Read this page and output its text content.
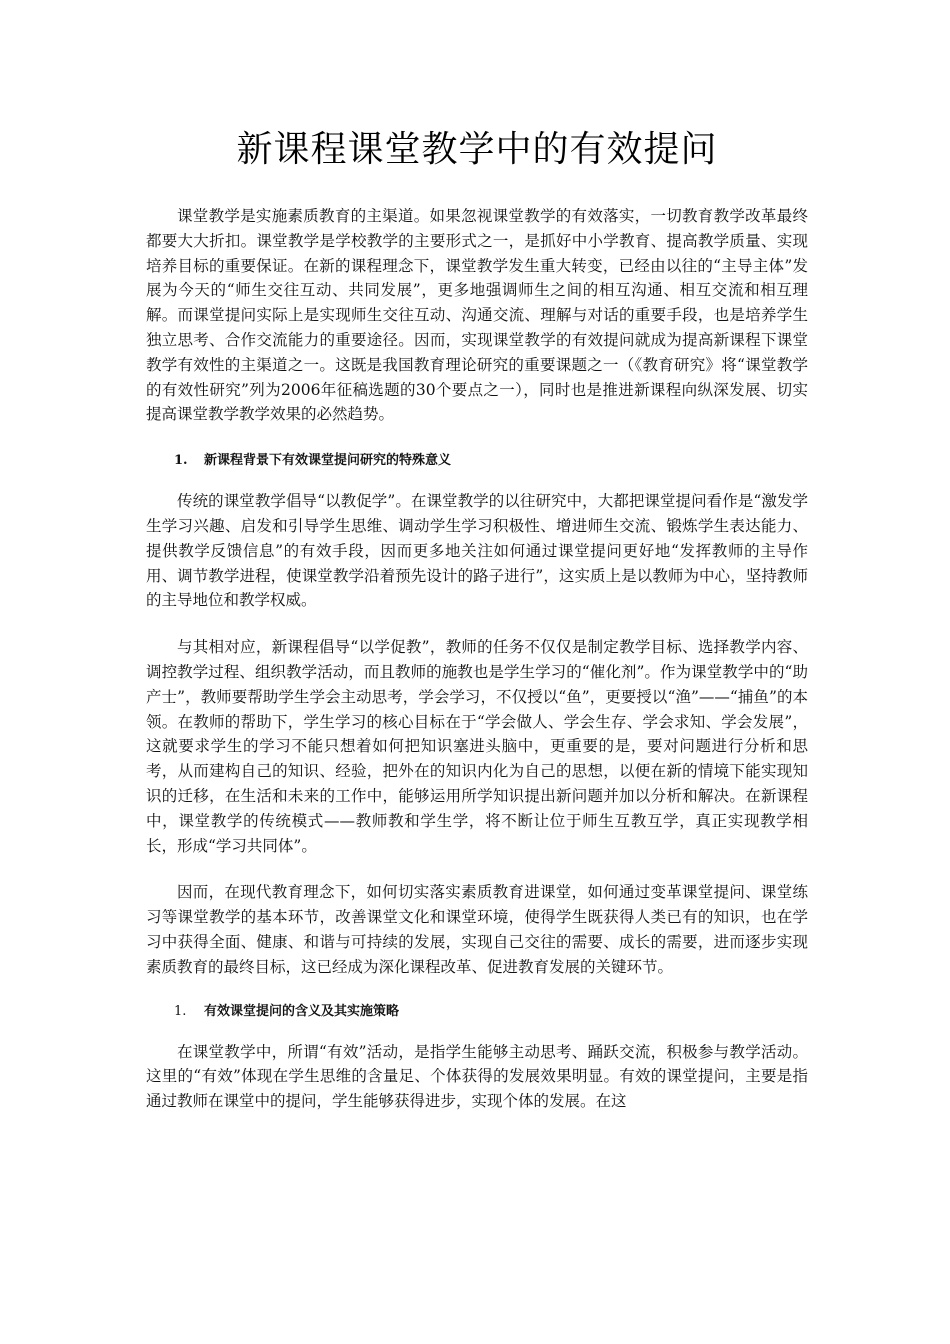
新课程课堂教学中的有效提问

课堂教学是实施素质教育的主渠道。如果忽视课堂教学的有效落实，一切教育教学改革最终都要大大折扣。课堂教学是学校教学的主要形式之一，是抓好中小学教育、提高教学质量、实现培养目标的重要保证。在新的课程理念下，课堂教学发生重大转变，已经由以往的“主导主体”发展为今天的“师生交往互动、共同发展”，更多地强调师生之间的相互沟通、相互交流和相互理解。而课堂提问实际上是实现师生交往互动、沟通交流、理解与对话的重要手段，也是培养学生独立思考、合作交流能力的重要途径。因而，实现课堂教学的有效提问就成为提高新课程下课堂教学有效性的主渠道之一。这既是我国教育理论研究的重要课题之一（《教育研究》将“课堂教学的有效性研究”列为2006年征稿选题的30个要点之一），同时也是推进新课程向纵深发展、切实提高课堂教学教学效果的必然趋势。

1. 新课程背景下有效课堂提问研究的特殊意义

传统的课堂教学倡导“以教促学”。在课堂教学的以往研究中，大都把课堂提问看作是“激发学生学习兴趣、启发和引导学生思维、调动学生学习积极性、增进师生交流、锻炼学生表达能力、提供教学反馈信息”的有效手段，因而更多地关注如何通过课堂提问更好地“发挥教师的主导作用、调节教学进程，使课堂教学沿着预先设计的路子进行”，这实质上是以教师为中心，坚持教师的主导地位和教学权威。

与其相对应，新课程倡导“以学促教”，教师的任务不仅仅是制定教学目标、选择教学内容、调控教学过程、组织教学活动，而且教师的施教也是学生学习的“催化剂”。作为课堂教学中的“助产士”，教师要帮助学生学会主动思考，学会学习，不仅授以“鱼”，更要授以“渔”——“捕鱼”的本领。在教师的帮助下，学生学习的核心目标在于“学会做人、学会生存、学会求知、学会发展”，这就要求学生的学习不能只想着如何把知识塞进头脑中，更重要的是，要对问题进行分析和思考，从而建构自己的知识、经验，把外在的知识内化为自己的思想，以便在新的情境下能实现知识的迁移，在生活和未来的工作中，能够运用所学知识提出新问题并加以分析和解决。在新课程中，课堂教学的传统模式——教师教和学生学，将不断让位于师生互教互学，真正实现教学相长，形成“学习共同体”。

因而，在现代教育理念下，如何切实落实素质教育进课堂，如何通过变革课堂提问、课堂练习等课堂教学的基本环节，改善课堂文化和课堂环境，使得学生既获得人类已有的知识，也在学习中获得全面、健康、和谐与可持续的发展，实现自己交往的需要、成长的需要，进而逐步实现素质教育的最终目标，这已经成为深化课程改革、促进教育发展的关键环节。

1. 有效课堂提问的含义及其实施策略

在课堂教学中，所谓“有效”活动，是指学生能够主动思考、踊跃交流，积极参与教学活动。这里的“有效”体现在学生思维的含量足、个体获得的发展效果明显。有效的课堂提问，主要是指通过教师在课堂中的提问，学生能够获得进步，实现个体的发展。在这
